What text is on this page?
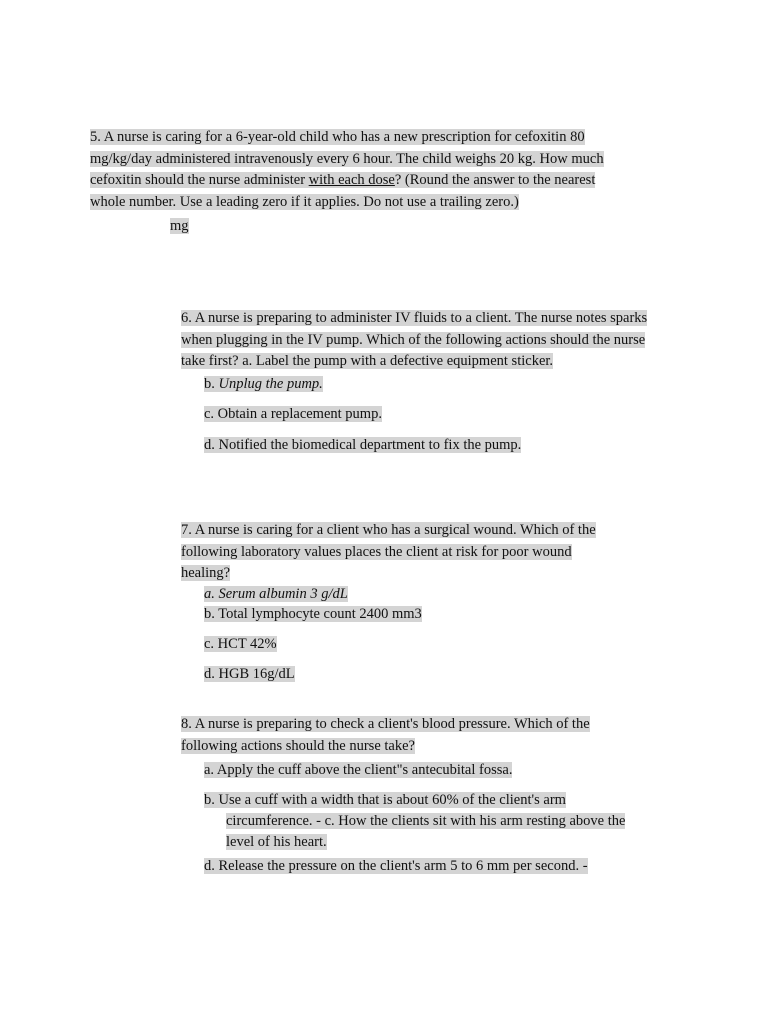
5. A nurse is caring for a 6-year-old child who has a new prescription for cefoxitin 80 mg/kg/day administered intravenously every 6 hour. The child weighs 20 kg. How much cefoxitin should the nurse administer with each dose? (Round the answer to the nearest whole number. Use a leading zero if it applies. Do not use a trailing zero.)
mg
6. A nurse is preparing to administer IV fluids to a client. The nurse notes sparks when plugging in the IV pump. Which of the following actions should the nurse take first? a. Label the pump with a defective equipment sticker.
b. Unplug the pump.
c. Obtain a replacement pump.
d. Notified the biomedical department to fix the pump.
7. A nurse is caring for a client who has a surgical wound. Which of the following laboratory values places the client at risk for poor wound healing?
a. Serum albumin 3 g/dL
b. Total lymphocyte count 2400 mm3
c. HCT 42%
d. HGB 16g/dL
8. A nurse is preparing to check a client's blood pressure. Which of the following actions should the nurse take?
a. Apply the cuff above the client"s antecubital fossa.
b. Use a cuff with a width that is about 60% of the client's arm
circumference. - c. How the clients sit with his arm resting above the
level of his heart.
d. Release the pressure on the client's arm 5 to 6 mm per second. -
